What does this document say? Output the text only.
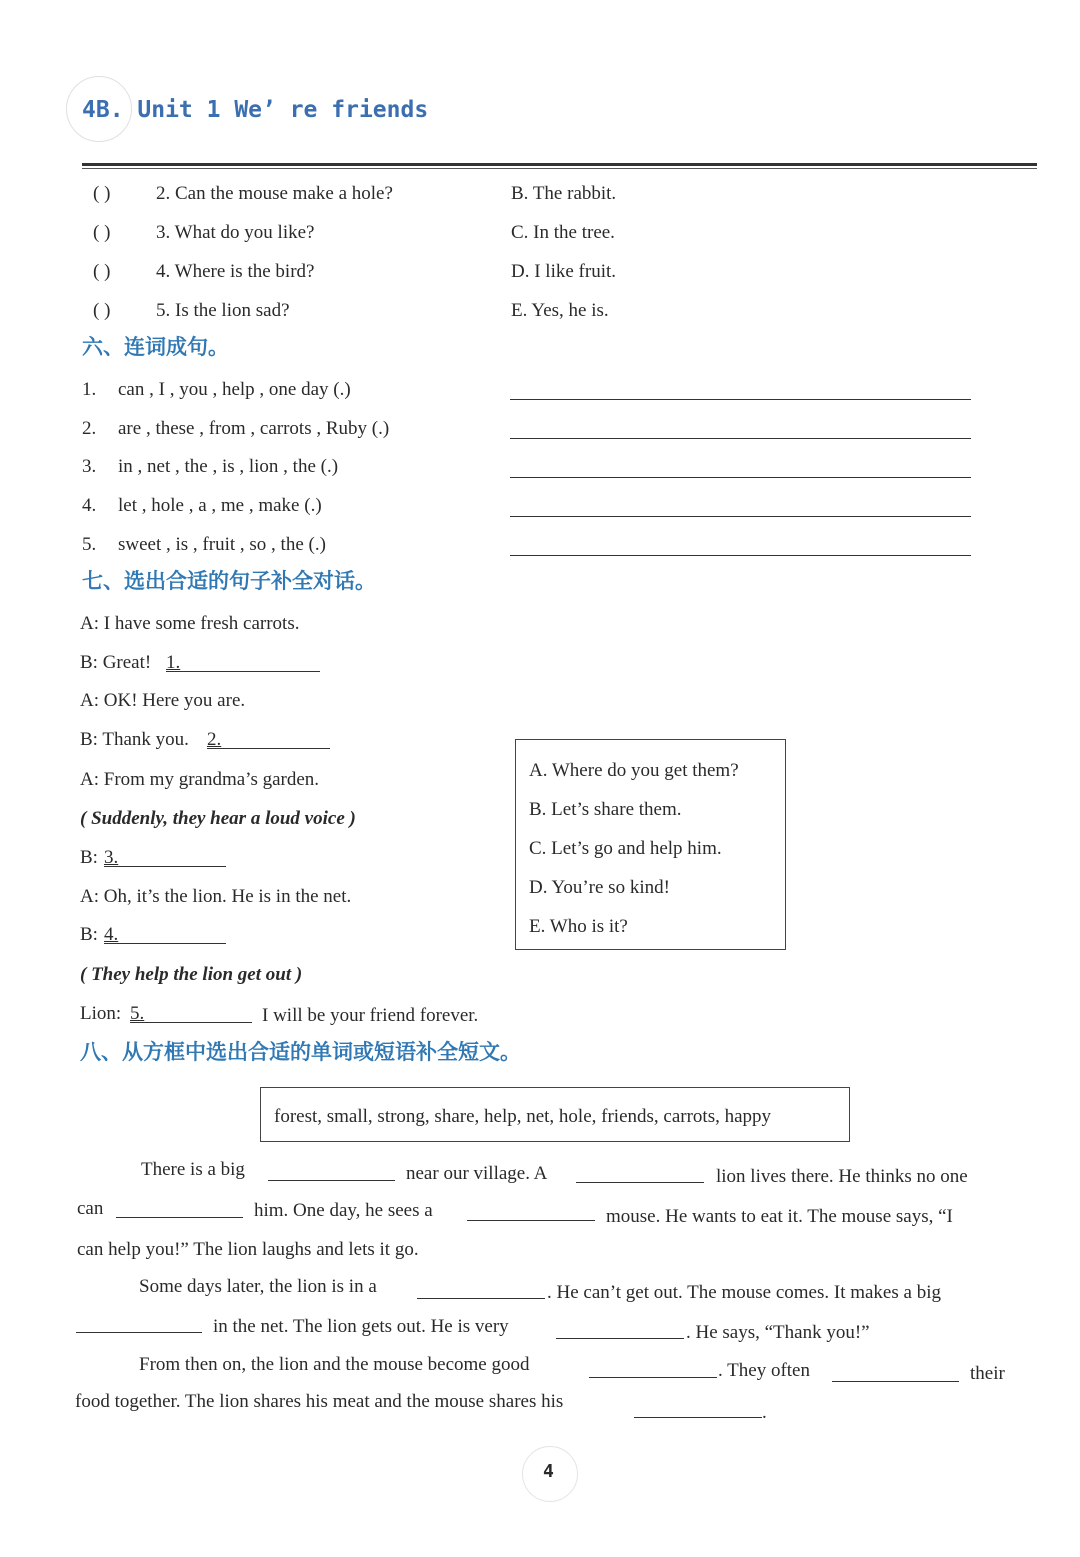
4B. Unit 1 We’ re friends
( ) 2. Can the mouse make a hole?	B. The rabbit.
( ) 3. What do you like?	C. In the tree.
( ) 4. Where is the bird?	D. I like fruit.
( ) 5. Is the lion sad?	E. Yes, he is.
六、连词成句。
1. can , I , you , help , one day (.)
2. are , these , from , carrots , Ruby (.)
3. in , net , the , is , lion , the (.)
4. let , hole , a , me , make (.)
5. sweet , is , fruit , so , the (.)
七、选出合适的句子补全对话。
A: I have some fresh carrots.
B: Great! 1.
A: OK! Here you are.
B: Thank you. 2.
A: From my grandma’s garden.
( Suddenly, they hear a loud voice )
B: 3.
A: Oh, it’s the lion. He is in the net.
B: 4.
( They help the lion get out )
Lion: 5.	I will be your friend forever.
A. Where do you get them?
B. Let’s share them.
C. Let’s go and help him.
D. You’re so kind!
E. Who is it?
八、从方框中选出合适的单词或短语补全短文。
forest, small, strong, share, help, net, hole, friends, carrots, happy
There is a big	near our village. A	lion lives there. He thinks no one
can	him. One day, he sees a	mouse. He wants to eat it. The mouse says, “I
can help you!” The lion laughs and lets it go.
Some days later, the lion is in a	. He can’t get out. The mouse comes. It makes a big
in the net. The lion gets out. He is very	. He says, “Thank you!”
From then on, the lion and the mouse become good	. They often	their
food together. The lion shares his meat and the mouse shares his
.
4
